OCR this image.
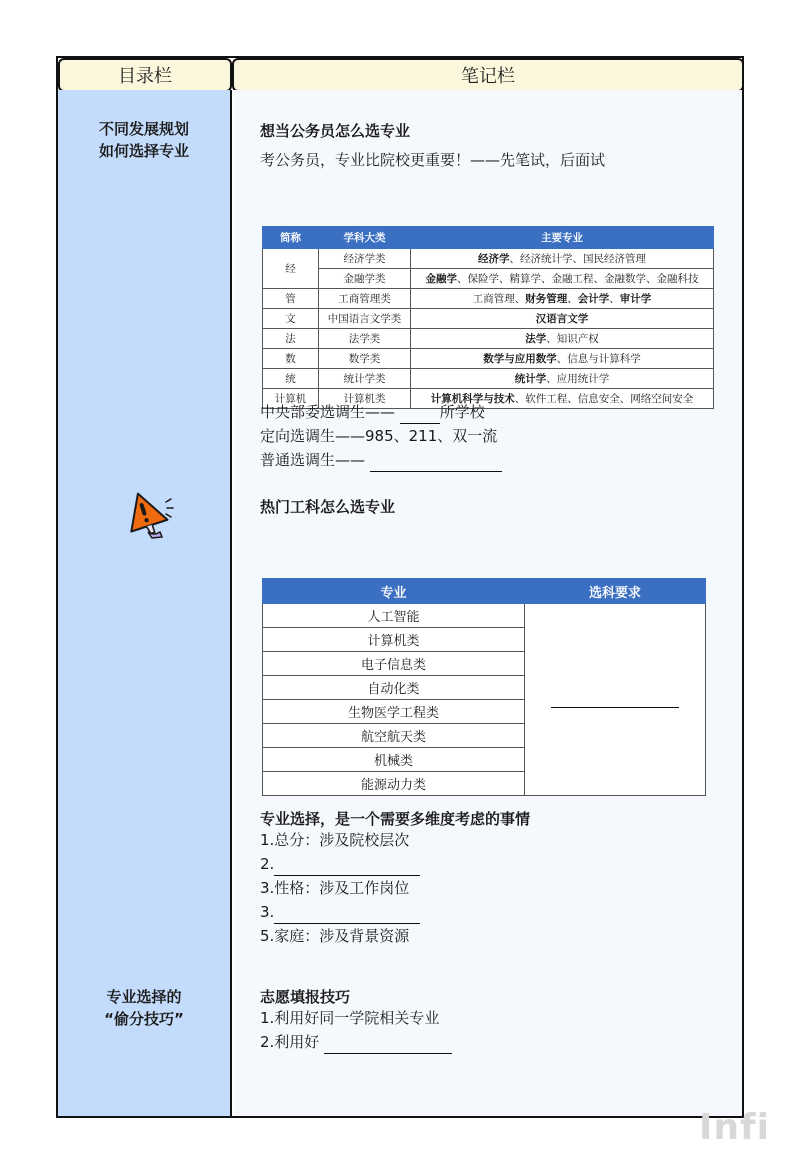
目录栏	笔记栏
不同发展规划
如何选择专业
专业选择的
“偷分技巧”
想当公务员怎么选专业
考公务员，专业比院校更重要！——先笔试，后面试
简称	学科大类	主要专业
经	经济学类	经济学、经济统计学、国民经济管理
	金融学类	金融学、保险学、精算学、金融工程、金融数学、金融科技
管	工商管理类	工商管理、财务管理、会计学、审计学
文	中国语言文学类	汉语言文学
法	法学类	法学、知识产权
数	数学类	数学与应用数学、信息与计算科学
统	统计学类	统计学、应用统计学
计算机	计算机类	计算机科学与技术、软件工程、信息安全、网络空间安全
中央部委选调生——	所学校
定向选调生——985、211、双一流
普通选调生——
热门工科怎么选专业
专业	选科要求
人工智能	
计算机类	
电子信息类	
自动化类	
生物医学工程类	
航空航天类	
机械类	
能源动力类	
专业选择，是一个需要多维度考虑的事情
1.总分：涉及院校层次
2.
3.性格：涉及工作岗位
3.
5.家庭：涉及背景资源
志愿填报技巧
1.利用好同一学院相关专业
2.利用好
Infi
